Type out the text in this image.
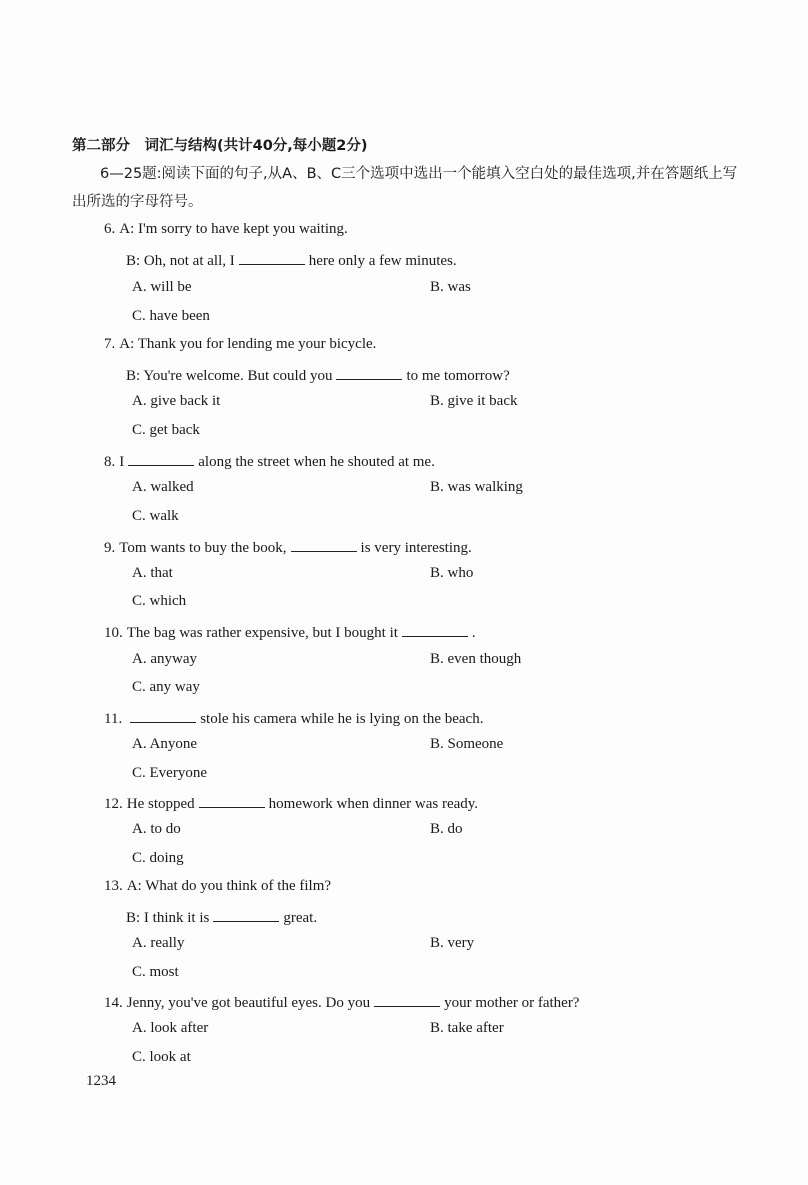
第二部分　词汇与结构(共计40分,每小题2分)
6—25题:阅读下面的句子,从A、B、C三个选项中选出一个能填入空白处的最佳选项,并在答题纸上写出所选的字母符号。
6. A: I'm sorry to have kept you waiting.
B: Oh, not at all, I	here only a few minutes.
A. will be	B. was
C. have been
7. A: Thank you for lending me your bicycle.
B: You're welcome. But could you	to me tomorrow?
A. give back it	B. give it back
C. get back
8. I	along the street when he shouted at me.
A. walked	B. was walking
C. walk
9. Tom wants to buy the book,	is very interesting.
A. that	B. who
C. which
10. The bag was rather expensive, but I bought it	.
A. anyway	B. even though
C. any way
11.	stole his camera while he is lying on the beach.
A. Anyone	B. Someone
C. Everyone
12. He stopped	homework when dinner was ready.
A. to do	B. do
C. doing
13. A: What do you think of the film?
B: I think it is	great.
A. really	B. very
C. most
14. Jenny, you've got beautiful eyes. Do you	your mother or father?
A. look after	B. take after
C. look at
1234
